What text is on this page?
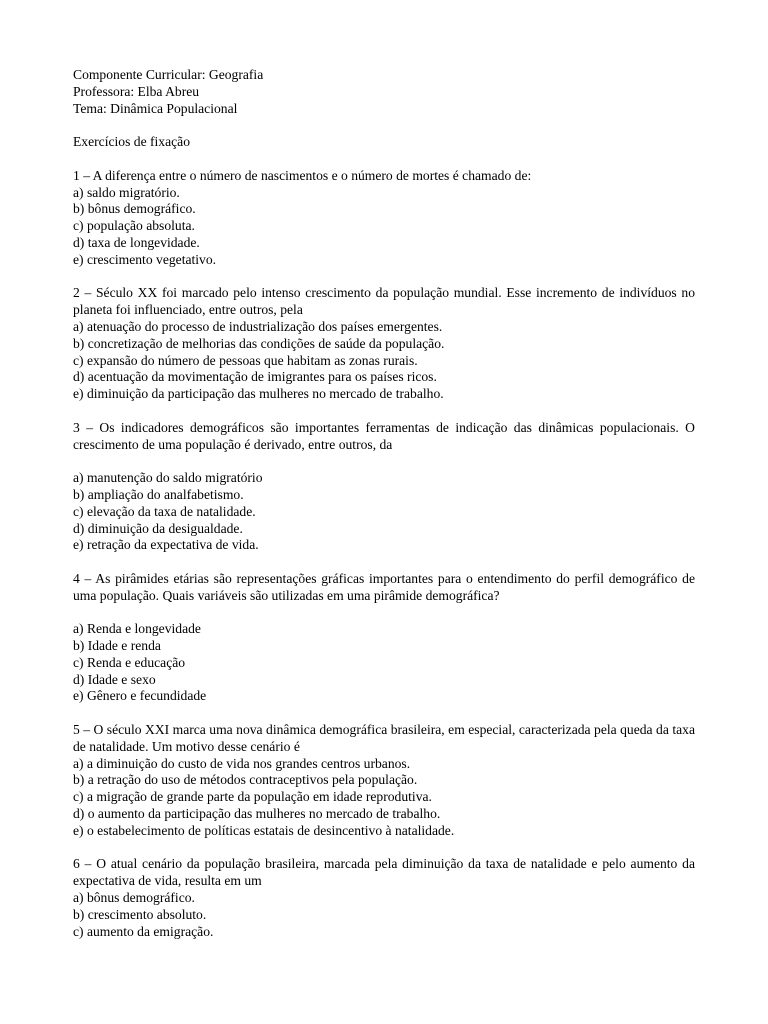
Componente Curricular: Geografia
Professora: Elba Abreu
Tema: Dinâmica Populacional
Exercícios de fixação
1 – A diferença entre o número de nascimentos e o número de mortes é chamado de:
a) saldo migratório.
b) bônus demográfico.
c) população absoluta.
d) taxa de longevidade.
e) crescimento vegetativo.
2 – Século XX foi marcado pelo intenso crescimento da população mundial. Esse incremento de indivíduos no planeta foi influenciado, entre outros, pela
a) atenuação do processo de industrialização dos países emergentes.
b) concretização de melhorias das condições de saúde da população.
c) expansão do número de pessoas que habitam as zonas rurais.
d) acentuação da movimentação de imigrantes para os países ricos.
e) diminuição da participação das mulheres no mercado de trabalho.
3 – Os indicadores demográficos são importantes ferramentas de indicação das dinâmicas populacionais. O crescimento de uma população é derivado, entre outros, da
a) manutenção do saldo migratório
b) ampliação do analfabetismo.
c) elevação da taxa de natalidade.
d) diminuição da desigualdade.
e) retração da expectativa de vida.
4 – As pirâmides etárias são representações gráficas importantes para o entendimento do perfil demográfico de uma população. Quais variáveis são utilizadas em uma pirâmide demográfica?
a) Renda e longevidade
b) Idade e renda
c) Renda e educação
d) Idade e sexo
e) Gênero e fecundidade
5 – O século XXI marca uma nova dinâmica demográfica brasileira, em especial, caracterizada pela queda da taxa de natalidade. Um motivo desse cenário é
a) a diminuição do custo de vida nos grandes centros urbanos.
b) a retração do uso de métodos contraceptivos pela população.
c) a migração de grande parte da população em idade reprodutiva.
d) o aumento da participação das mulheres no mercado de trabalho.
e) o estabelecimento de políticas estatais de desincentivo à natalidade.
6 – O atual cenário da população brasileira, marcada pela diminuição da taxa de natalidade e pelo aumento da expectativa de vida, resulta em um
a) bônus demográfico.
b) crescimento absoluto.
c) aumento da emigração.
